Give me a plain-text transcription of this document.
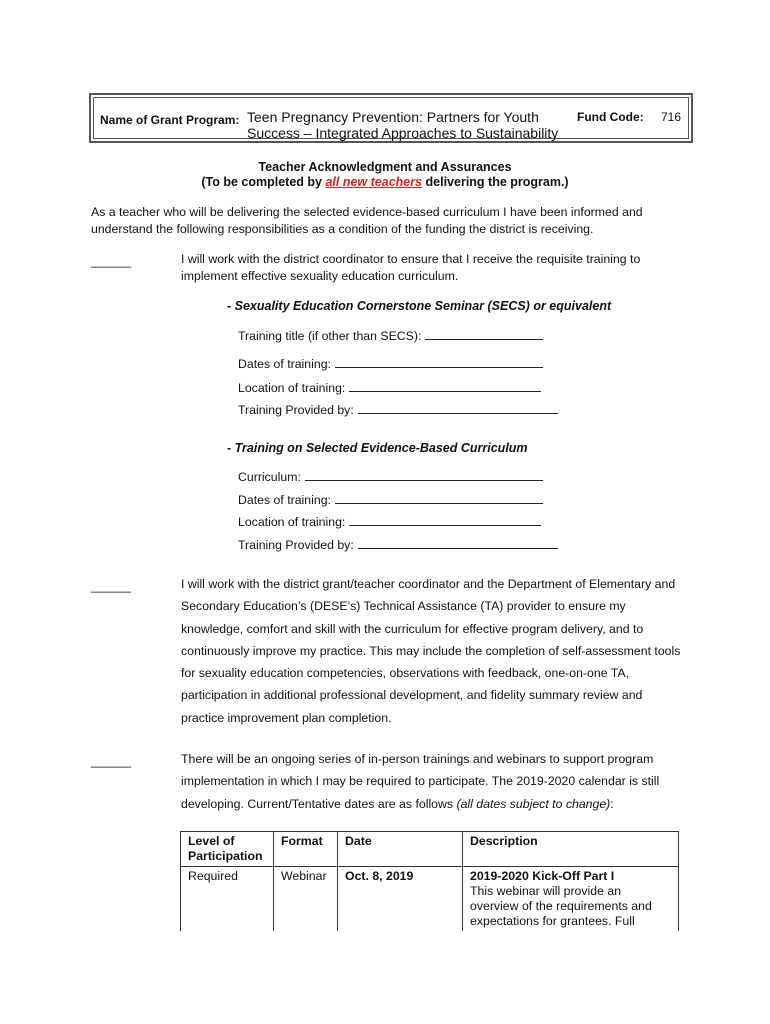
Name of Grant Program: Teen Pregnancy Prevention: Partners for Youth

Success – Integrated Approaches to Sustainability
Fund Code: 716
Teacher Acknowledgment and Assurances
(To be completed by all new teachers delivering the program.)
As a teacher who will be delivering the selected evidence-based curriculum I have been informed and understand the following responsibilities as a condition of the funding the district is receiving.
______	I will work with the district coordinator to ensure that I receive the requisite training to implement effective sexuality education curriculum.
- Sexuality Education Cornerstone Seminar (SECS) or equivalent
Training title (if other than SECS):
Dates of training:
Location of training:
Training Provided by:
- Training on Selected Evidence-Based Curriculum
Curriculum:
Dates of training:
Location of training:
Training Provided by:
______	I will work with the district grant/teacher coordinator and the Department of Elementary and Secondary Education’s (DESE’s) Technical Assistance (TA) provider to ensure my knowledge, comfort and skill with the curriculum for effective program delivery, and to continuously improve my practice. This may include the completion of self-assessment tools for sexuality education competencies, observations with feedback, one-on-one TA, participation in additional professional development, and fidelity summary review and practice improvement plan completion.
______	There will be an ongoing series of in-person trainings and webinars to support program implementation in which I may be required to participate. The 2019-2020 calendar is still developing. Current/Tentative dates are as follows (all dates subject to change):
Level of Participation	Format	Date	Description
Required	Webinar	Oct. 8, 2019	2019-2020 Kick-Off Part I
This webinar will provide an overview of the requirements and expectations for grantees. Full
